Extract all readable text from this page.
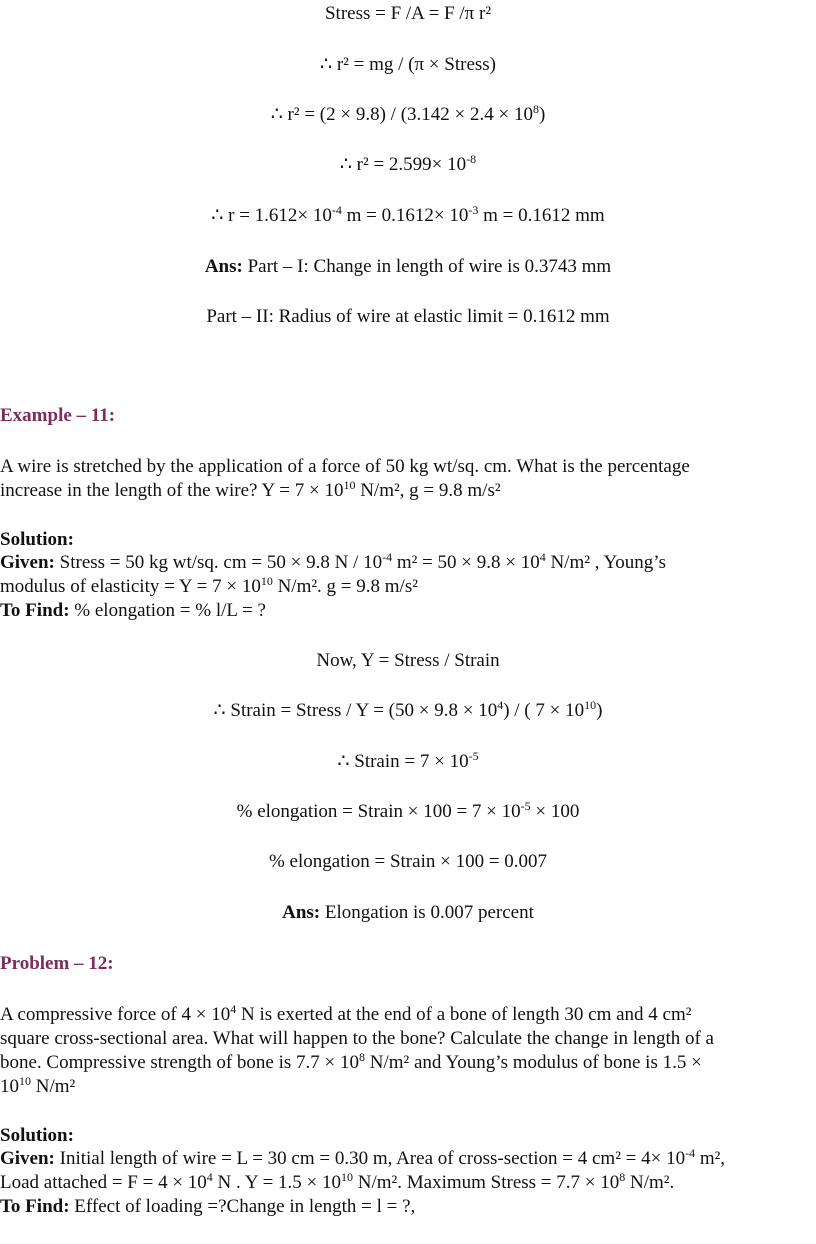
Stress = F /A = F /π r²
∴ r² = mg / (π × Stress)
∴ $r^2 = (2 \times 9.8) / (3.142 \times 2.4 \times 10^8)$
∴ $r^2 = 2.599\times 10^{-8}$
∴ $r = 1.612\times 10^{-4}$ $m = 0.1612\times 10^{-3}$ m = 0.1612 mm
Ans: Part – I: Change in length of wire is 0.3743 mm
Part – II: Radius of wire at elastic limit = 0.1612 mm
Example – 11:
A wire is stretched by the application of a force of 50 kg wt/sq. cm. What is the percentage
increase in the length of the wire? $Y = 7 \times 10^{10}$ N/m², g = 9.8 m/s²
Solution:
Given: Stress = 50 kg wt/sq. cm = 50 × 9.8 N / $10^{-4}$ $m^2 = 50 \times 9.8 \times 10^4$ N/m² , Young’s
modulus of elasticity = $Y = 7 \times 10^{10}$ N/m². g = 9.8 m/s²
To Find: % elongation = % l/L = ?
Now, Y = Stress / Strain
∴ Strain = Stress / $Y = (50 \times 9.8 \times 10^4)$ / ( $7 \times 10^{10}$)
∴ Strain = $7 \times 10^{-5}$
% elongation = Strain × $100 = 7 \times 10^{-5} \times 100$
% elongation = Strain × 100 = 0.007
Ans: Elongation is 0.007 percent
Problem – 12:
A compressive force of $4 \times 10^4$ N is exerted at the end of a bone of length 30 cm and 4 cm²
square cross-sectional area. What will happen to the bone? Calculate the change in length of a
bone. Compressive strength of bone is $7.7 \times 10^8$ N/m² and Young’s modulus of bone is 1.5 ×
$10^{10}$ N/m²
Solution:
Given: Initial length of wire = L = 30 cm = 0.30 m, Area of cross-section = 4 $cm^2 = 4\times 10^{-4}$ m²,
Load attached = $F = 4 \times 10^4$ N . $Y = 1.5 \times 10^{10}$ N/m². Maximum Stress = $7.7 \times 10^8$ N/m².
To Find: Effect of loading =?Change in length = l = ?,
